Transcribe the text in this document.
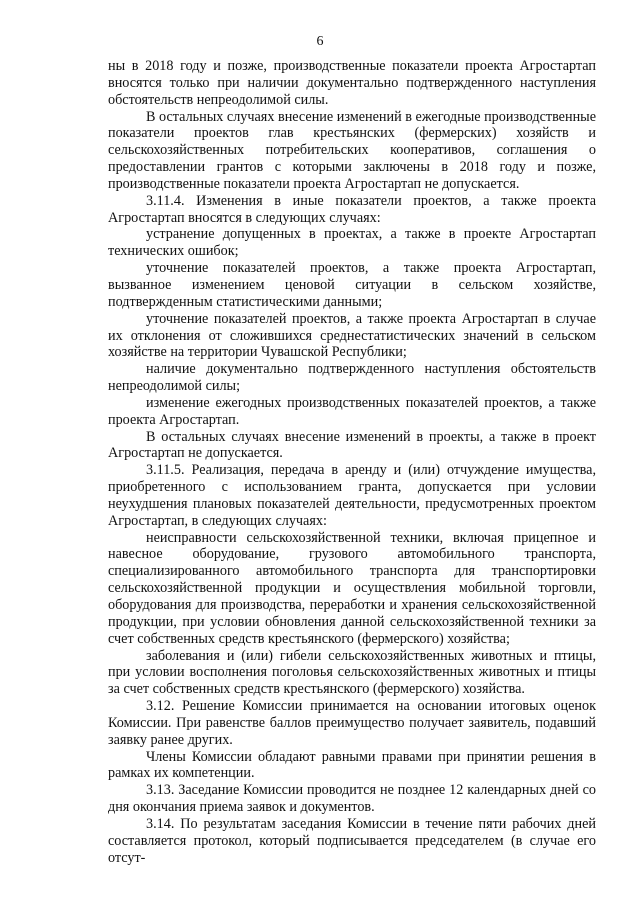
6

ны в 2018 году и позже, производственные показатели проекта Агростартап вносятся только при наличии документально подтвержденного наступления обстоятельств непреодолимой силы.

В остальных случаях внесение изменений в ежегодные производственные показатели проектов глав крестьянских (фермерских) хозяйств и сельскохозяйственных потребительских кооперативов, соглашения о предоставлении грантов с которыми заключены в 2018 году и позже, производственные показатели проекта Агростартап не допускается.

3.11.4. Изменения в иные показатели проектов, а также проекта Агростартап вносятся в следующих случаях:

устранение допущенных в проектах, а также в проекте Агростартап технических ошибок;

уточнение показателей проектов, а также проекта Агростартап, вызванное изменением ценовой ситуации в сельском хозяйстве, подтвержденным статистическими данными;

уточнение показателей проектов, а также проекта Агростартап в случае их отклонения от сложившихся среднестатистических значений в сельском хозяйстве на территории Чувашской Республики;

наличие документально подтвержденного наступления обстоятельств непреодолимой силы;

изменение ежегодных производственных показателей проектов, а также проекта Агростартап.

В остальных случаях внесение изменений в проекты, а также в проект Агростартап не допускается.

3.11.5. Реализация, передача в аренду и (или) отчуждение имущества, приобретенного с использованием гранта, допускается при условии неухудшения плановых показателей деятельности, предусмотренных проектом Агростартап, в следующих случаях:

неисправности сельскохозяйственной техники, включая прицепное и навесное оборудование, грузового автомобильного транспорта, специализированного автомобильного транспорта для транспортировки сельскохозяйственной продукции и осуществления мобильной торговли, оборудования для производства, переработки и хранения сельскохозяйственной продукции, при условии обновления данной сельскохозяйственной техники за счет собственных средств крестьянского (фермерского) хозяйства;

заболевания и (или) гибели сельскохозяйственных животных и птицы, при условии восполнения поголовья сельскохозяйственных животных и птицы за счет собственных средств крестьянского (фермерского) хозяйства.

3.12. Решение Комиссии принимается на основании итоговых оценок Комиссии. При равенстве баллов преимущество получает заявитель, подавший заявку ранее других.

Члены Комиссии обладают равными правами при принятии решения в рамках их компетенции.

3.13. Заседание Комиссии проводится не позднее 12 календарных дней со дня окончания приема заявок и документов.

3.14. По результатам заседания Комиссии в течение пяти рабочих дней составляется протокол, который подписывается председателем (в случае его отсут-
